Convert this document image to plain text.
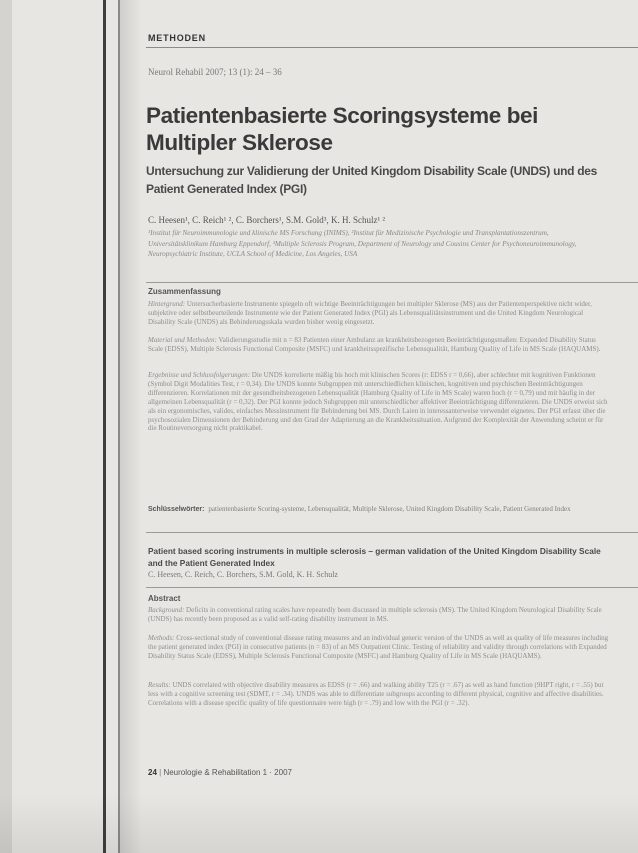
METHODEN
Neurol Rehabil 2007; 13 (1): 24 – 36
Patientenbasierte Scoringsysteme bei Multipler Sklerose
Untersuchung zur Validierung der United Kingdom Disability Scale (UNDS) und des Patient Generated Index (PGI)
C. Heesen¹, C. Reich¹ ², C. Borchers¹, S.M. Gold³, K. H. Schulz¹ ²

¹Institut für Neuroimmunologie und klinische MS Forschung (INIMS), ²Institut für Medizinische Psychologie und Transplantationszentrum, Universitätsklinikum Hamburg Eppendorf, ³Multiple Sclerosis Program, Department of Neurology und Cousins Center for Psychoneuroimmunology, Neuropsychiatric Institute, UCLA School of Medicine, Los Angeles, USA

Zusammenfassung

Hintergrund: Untersucherbasierte Instrumente spiegeln oft wichtige Beeinträchtigungen bei multipler Sklerose (MS) aus der Patientenperspektive nicht wider, subjektive oder selbstbeurteilende Instrumente wie der Patient Generated Index (PGI) als Lebensqualitätsinstrument und die United Kingdom Neurological Disability Scale (UNDS) als Behinderungsskala wurden bisher wenig eingesetzt.

Material und Methoden: Validierungsstudie mit n = 83 Patienten einer Ambulanz an krankheitsbezogenen Beeinträchtigungsmaßen: Expanded Disability Status Scale (EDSS), Multiple Sclerosis Functional Composite (MSFC) und krankheitsspezifische Lebensqualität, Hamburg Quality of Life in MS Scale (HAQUAMS).

Ergebnisse und Schlussfolgerungen: Die UNDS korrelierte mäßig bis hoch mit klinischen Scores (r: EDSS r = 0,66), aber schlechter mit kognitiven Funktionen (Symbol Digit Modalities Test, r = 0,34). Die UNDS konnte Subgruppen mit unterschiedlichen klinischen, kognitiven und psychischen Beeinträchtigungen differenzieren. Korrelationen mit der gesundheitsbezogenen Lebensqualität (Hamburg Quality of Life in MS Scale) waren hoch (r = 0,79) und mit häufig in der allgemeinen Lebensqualität (r = 0,32). Der PGI konnte jedoch Subgruppen mit unterschiedlicher affektiver Beeinträchtigung differenzieren. Die UNDS erweist sich als ein ergonomisches, valides, einfaches Messinstrument für Behinderung bei MS. Durch Laien in interessanterweise verwendet eignetes. Der PGI erfasst über die psychosozialen Dimensionen der Behinderung und den Grad der Adaptierung an die Krankheitssituation. Aufgrund der Komplexität der Anwendung scheint er für die Routineversorgung nicht praktikabel.

Schlüsselwörter: patientenbasierte Scoring-systeme, Lebensqualität, Multiple Sklerose, United Kingdom Disability Scale, Patient Generated Index

Patient based scoring instruments in multiple sclerosis – german validation of the United Kingdom Disability Scale and the Patient Generated Index

C. Heesen, C. Reich, C. Borchers, S.M. Gold, K. H. Schulz
Abstract

Background: Deficits in conventional rating scales have repeatedly been discussed in multiple sclerosis (MS). The United Kingdom Neurological Disability Scale (UNDS) has recently been proposed as a valid self-rating disability instrument in MS.

Methods: Cross-sectional study of conventional disease rating measures and an individual generic version of the UNDS as well as quality of life measures including the patient generated index (PGI) in consecutive patients (n = 83) of an MS Outpatient Clinic. Testing of reliability and validity through correlations with Expanded Disability Status Scale (EDSS), Multiple Sclerosis Functional Composite (MSFC) and Hamburg Quality of Life in MS Scale (HAQUAMS).

Results: UNDS correlated with objective disability measures as EDSS (r = .66) and walking ability T25 (r = .67) as well as hand function (9HPT right, r = .55) but less with a cognitive screening test (SDMT, r = .34). UNDS was able to differentiate subgroups according to different physical, cognitive and affective disabilities. Correlations with a disease specific quality of life questionnaire were high (r = .79) and low with the PGI (r = .32).

24 | Neurologie & Rehabilitation 1 · 2007
